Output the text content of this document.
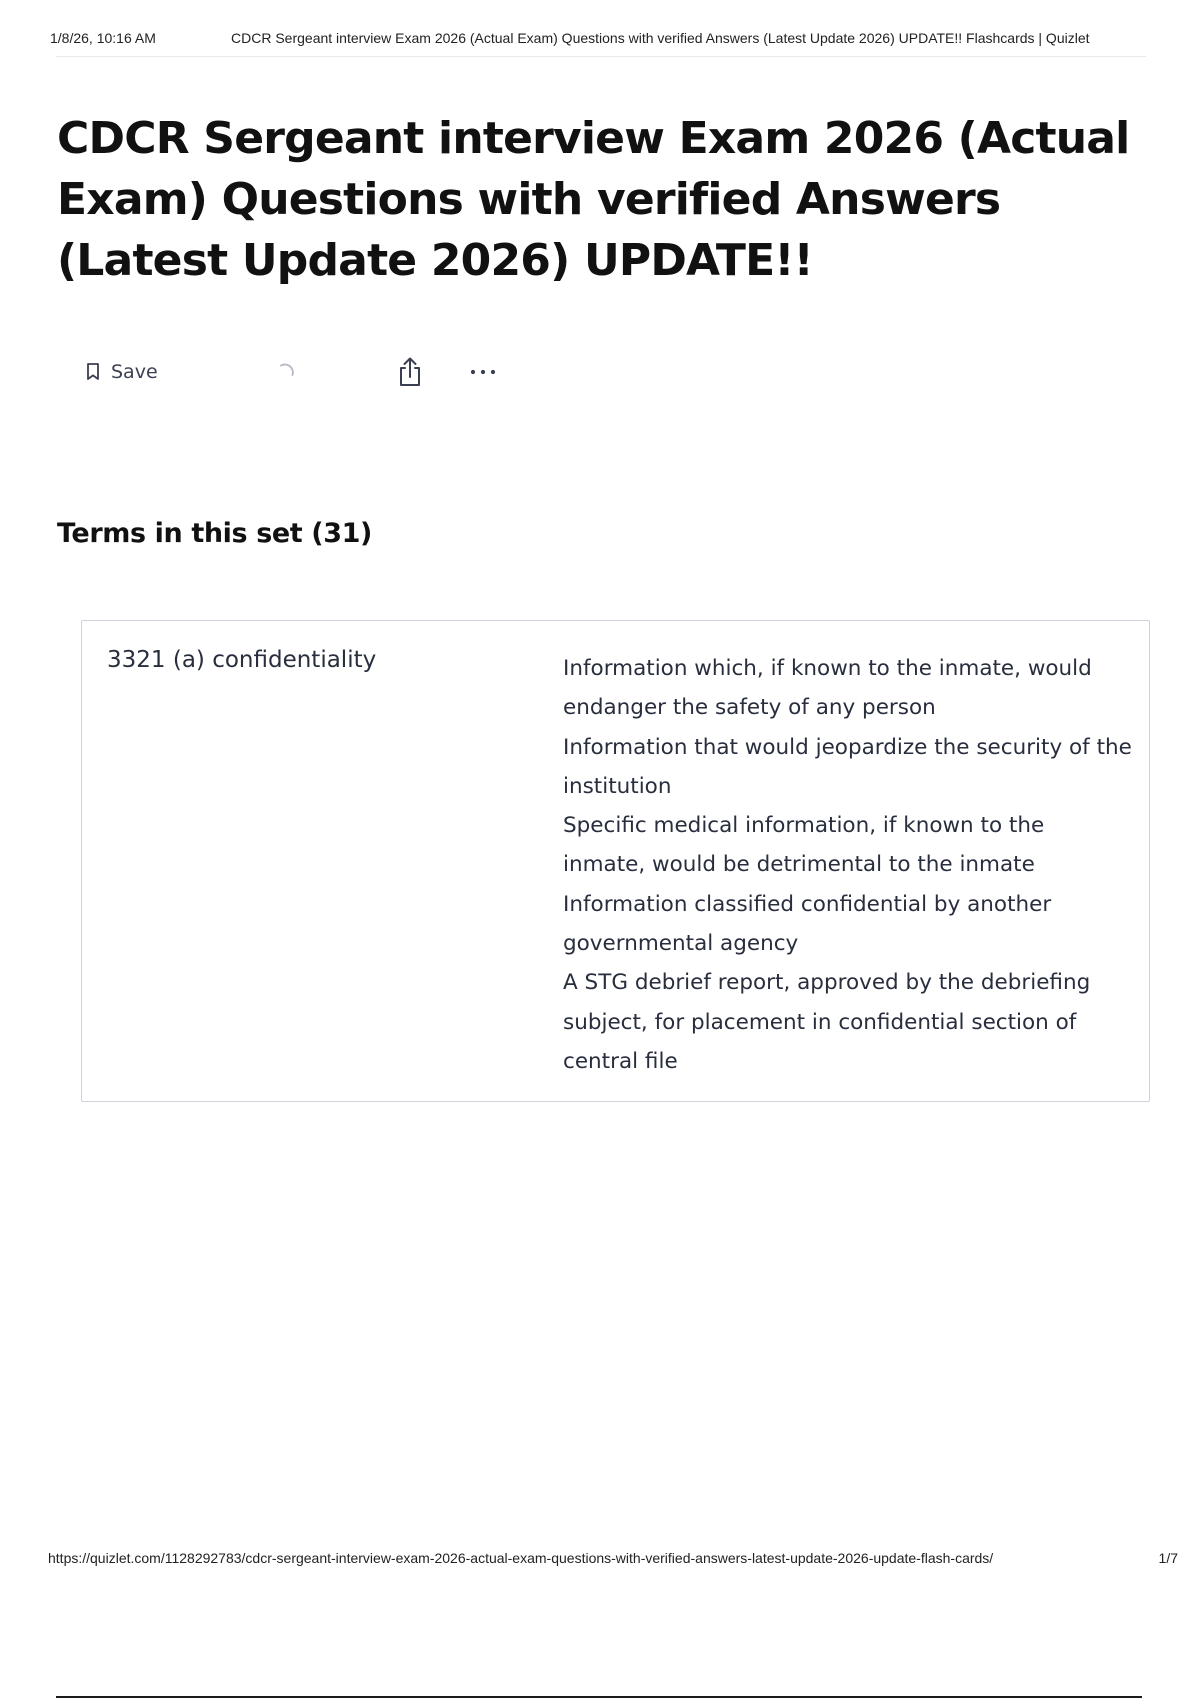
1/8/26, 10:16 AM	CDCR Sergeant interview Exam 2026 (Actual Exam) Questions with verified Answers (Latest Update 2026) UPDATE!! Flashcards | Quizlet
CDCR Sergeant interview Exam 2026 (Actual Exam) Questions with verified Answers (Latest Update 2026) UPDATE!!
Save
Terms in this set (31)
3321 (a) confidentiality	Information which, if known to the inmate, would endanger the safety of any person
Information that would jeopardize the security of the institution
Specific medical information, if known to the inmate, would be detrimental to the inmate
Information classified confidential by another governmental agency
A STG debrief report, approved by the debriefing subject, for placement in confidential section of central file
https://quizlet.com/1128292783/cdcr-sergeant-interview-exam-2026-actual-exam-questions-with-verified-answers-latest-update-2026-update-flash-cards/	1/7
